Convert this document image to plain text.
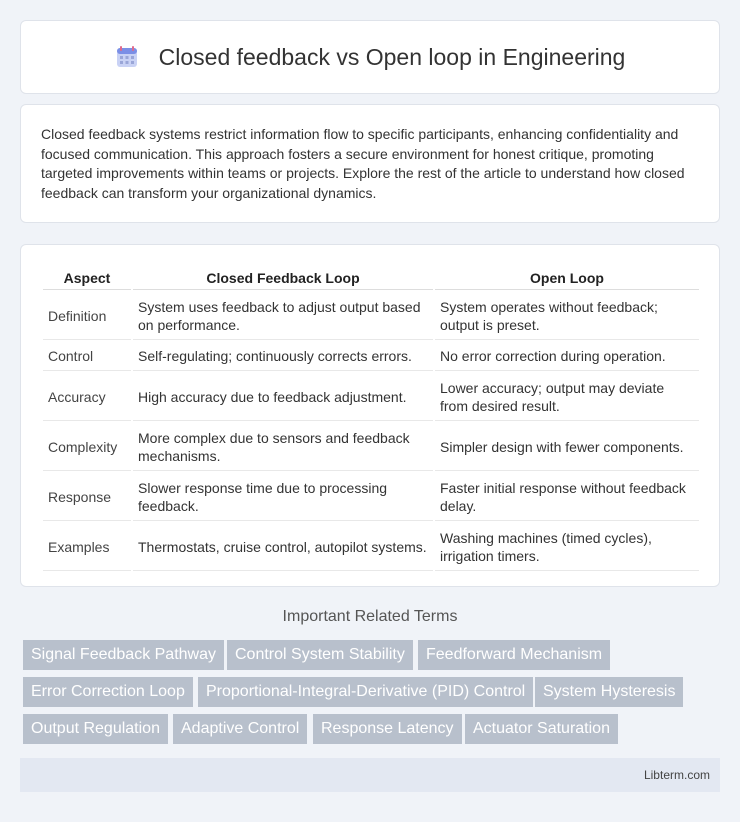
Closed feedback vs Open loop in Engineering

Closed feedback systems restrict information flow to specific participants, enhancing confidentiality and focused communication. This approach fosters a secure environment for honest critique, promoting targeted improvements within teams or projects. Explore the rest of the article to understand how closed feedback can transform your organizational dynamics.

Aspect	Closed Feedback Loop	Open Loop
Definition	System uses feedback to adjust output based on performance.	System operates without feedback; output is preset.
Control	Self-regulating; continuously corrects errors.	No error correction during operation.
Accuracy	High accuracy due to feedback adjustment.	Lower accuracy; output may deviate from desired result.
Complexity	More complex due to sensors and feedback mechanisms.	Simpler design with fewer components.
Response	Slower response time due to processing feedback.	Faster initial response without feedback delay.
Examples	Thermostats, cruise control, autopilot systems.	Washing machines (timed cycles), irrigation timers.
Important Related Terms
Signal Feedback Pathway	Control System Stability	Feedforward Mechanism
Error Correction Loop	Proportional-Integral-Derivative (PID) Control	System Hysteresis
Output Regulation	Adaptive Control	Response Latency	Actuator Saturation
Libterm.com
